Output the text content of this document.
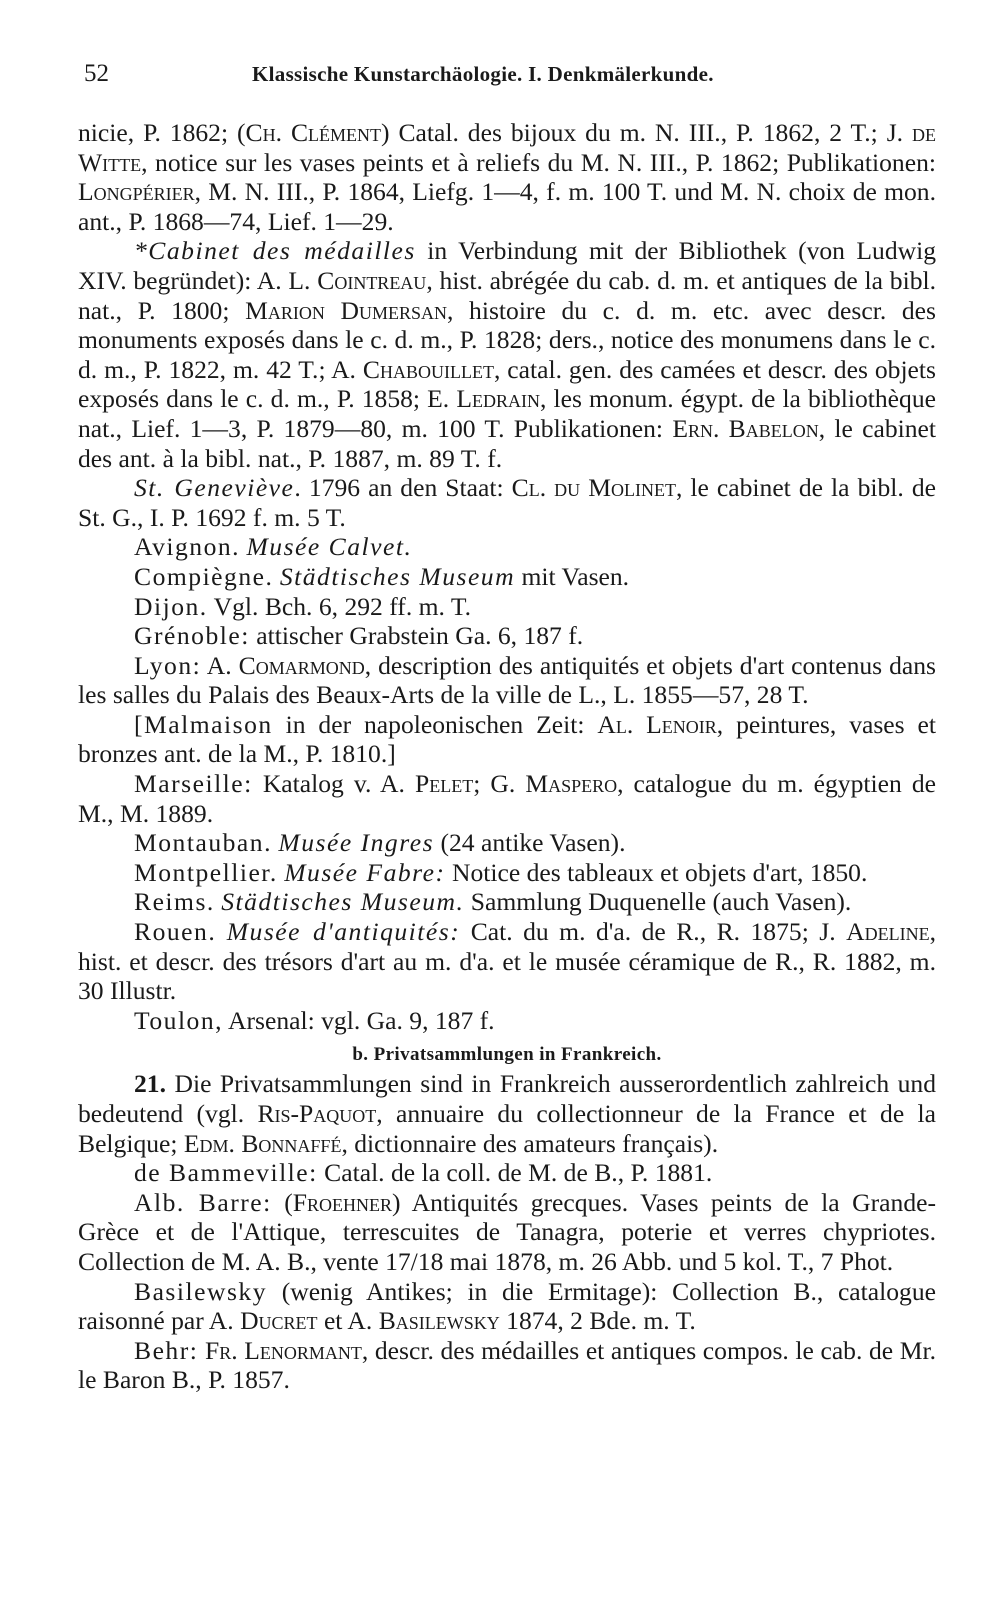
52	Klassische Kunstarchäologie. I. Denkmälerkunde.

nicie, P. 1862; (Ch. Clément) Catal. des bijoux du m. N. III., P. 1862, 2 T.; J. de Witte, notice sur les vases peints et à reliefs du M. N. III., P. 1862; Publikationen: Longpérier, M. N. III., P. 1864, Liefg. 1—4, f. m. 100 T. und M. N. choix de mon. ant., P. 1868—74, Lief. 1—29.

*Cabinet des médailles in Verbindung mit der Bibliothek (von Ludwig XIV. begründet): A. L. Cointreau, hist. abrégée du cab. d. m. et antiques de la bibl. nat., P. 1800; Marion Dumersan, histoire du c. d. m. etc. avec descr. des monuments exposés dans le c. d. m., P. 1828; ders., notice des monumens dans le c. d. m., P. 1822, m. 42 T.; A. Chabouillet, catal. gen. des camées et descr. des objets exposés dans le c. d. m., P. 1858; E. Ledrain, les monum. égypt. de la bibliothèque nat., Lief. 1—3, P. 1879—80, m. 100 T. Publikationen: Ern. Babelon, le cabinet des ant. à la bibl. nat., P. 1887, m. 89 T. f.

St. Geneviève. 1796 an den Staat: Cl. du Molinet, le cabinet de la bibl. de St. G., I. P. 1692 f. m. 5 T.

Avignon. Musée Calvet.

Compiègne. Städtisches Museum mit Vasen.

Dijon. Vgl. Bch. 6, 292 ff. m. T.

Grénoble: attischer Grabstein Ga. 6, 187 f.

Lyon: A. Comarmond, description des antiquités et objets d'art contenus dans les salles du Palais des Beaux-Arts de la ville de L., L. 1855—57, 28 T.

[Malmaison in der napoleonischen Zeit: Al. Lenoir, peintures, vases et bronzes ant. de la M., P. 1810.]

Marseille: Katalog v. A. Pelet; G. Maspero, catalogue du m. égyptien de M., M. 1889.

Montauban. Musée Ingres (24 antike Vasen).

Montpellier. Musée Fabre: Notice des tableaux et objets d'art, 1850.

Reims. Städtisches Museum. Sammlung Duquenelle (auch Vasen).

Rouen. Musée d'antiquités: Cat. du m. d'a. de R., R. 1875; J. Adeline, hist. et descr. des trésors d'art au m. d'a. et le musée céramique de R., R. 1882, m. 30 Illustr.

Toulon, Arsenal: vgl. Ga. 9, 187 f.

b. Privatsammlungen in Frankreich.

21. Die Privatsammlungen sind in Frankreich ausserordentlich zahlreich und bedeutend (vgl. Ris-Paquot, annuaire du collectionneur de la France et de la Belgique; Edm. Bonnaffé, dictionnaire des amateurs français).

de Bammeville: Catal. de la coll. de M. de B., P. 1881.

Alb. Barre: (Froehner) Antiquités grecques. Vases peints de la Grande-Grèce et de l'Attique, terrescuites de Tanagra, poterie et verres chypriotes. Collection de M. A. B., vente 17/18 mai 1878, m. 26 Abb. und 5 kol. T., 7 Phot.

Basilewsky (wenig Antikes; in die Ermitage): Collection B., catalogue raisonné par A. Ducret et A. Basilewsky 1874, 2 Bde. m. T.

Behr: Fr. Lenormant, descr. des médailles et antiques compos. le cab. de Mr. le Baron B., P. 1857.
